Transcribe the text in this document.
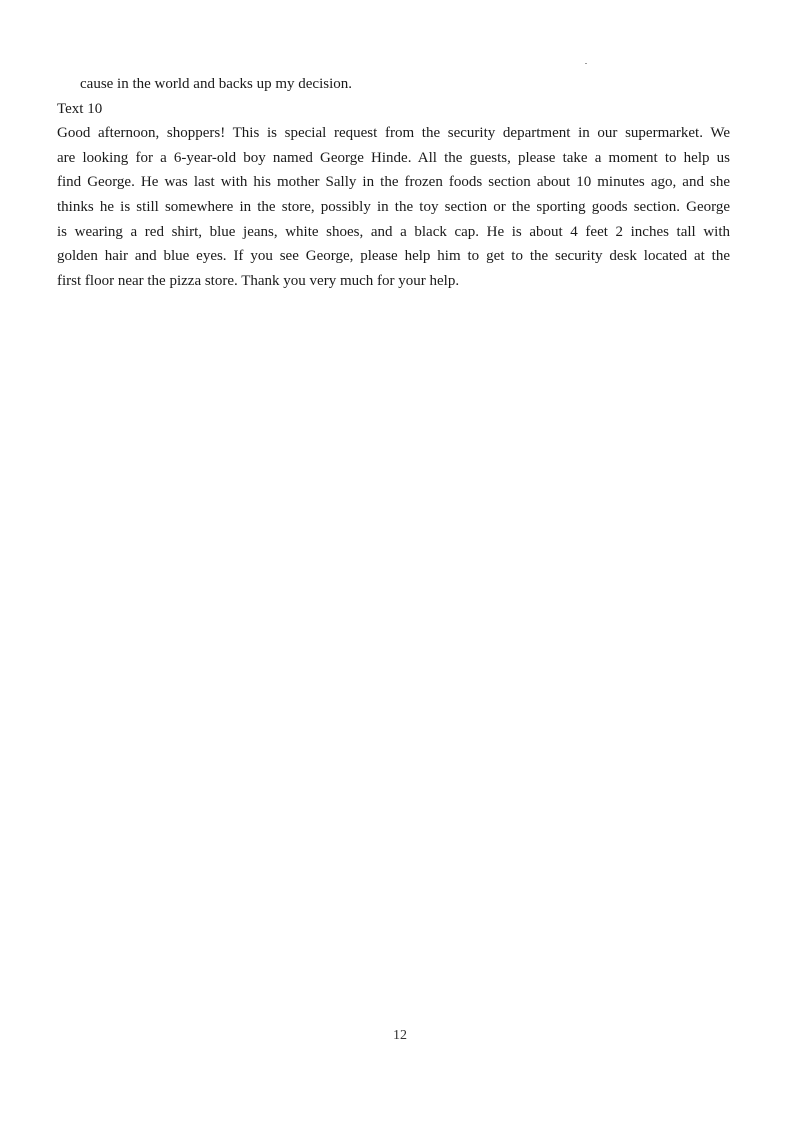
cause in the world and backs up my decision.
Text 10
Good afternoon, shoppers! This is special request from the security department in our supermarket. We
are looking for a 6-year-old boy named George Hinde. All the guests, please take a moment to help us
find George. He was last with his mother Sally in the frozen foods section about 10 minutes ago, and she
thinks he is still somewhere in the store, possibly in the toy section or the sporting goods section. George
is wearing a red shirt, blue jeans, white shoes, and a black cap. He is about 4 feet 2 inches tall with
golden hair and blue eyes. If you see George, please help him to get to the security desk located at the
first floor near the pizza store. Thank you very much for your help.
12
